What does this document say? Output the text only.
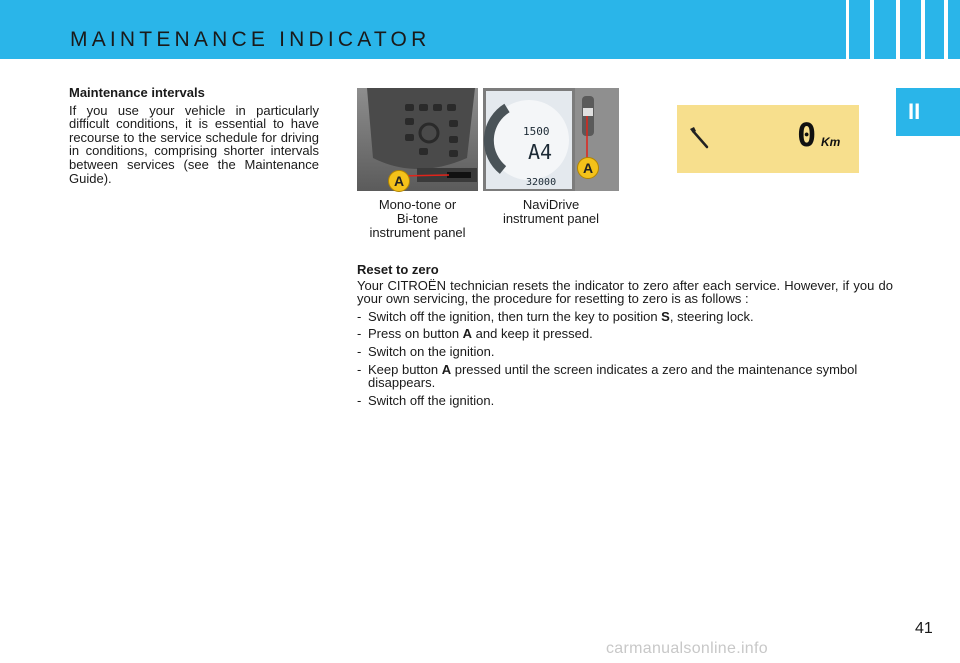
MAINTENANCE INDICATOR
II
Maintenance intervals

If you use your vehicle in particularly difficult conditions, it is essential to have recourse to the service schedule for driving in conditions, comprising shorter intervals between services (see the Maintenance Guide).	A
1500
A4
32000
A
Mono-tone or
Bi-tone
instrument panel
NaviDrive
instrument panel
0 Km
Reset to zero

Your CITROËN technician resets the indicator to zero after each service. However, if you do your own servicing, the procedure for resetting to zero is as follows :

- Switch off the ignition, then turn the key to position S, steering lock.
- Press on button A and keep it pressed.
- Switch on the ignition.
- Keep button A pressed until the screen indicates a zero and the maintenance symbol disappears.
- Switch off the ignition.
41
carmanualsonline.info
